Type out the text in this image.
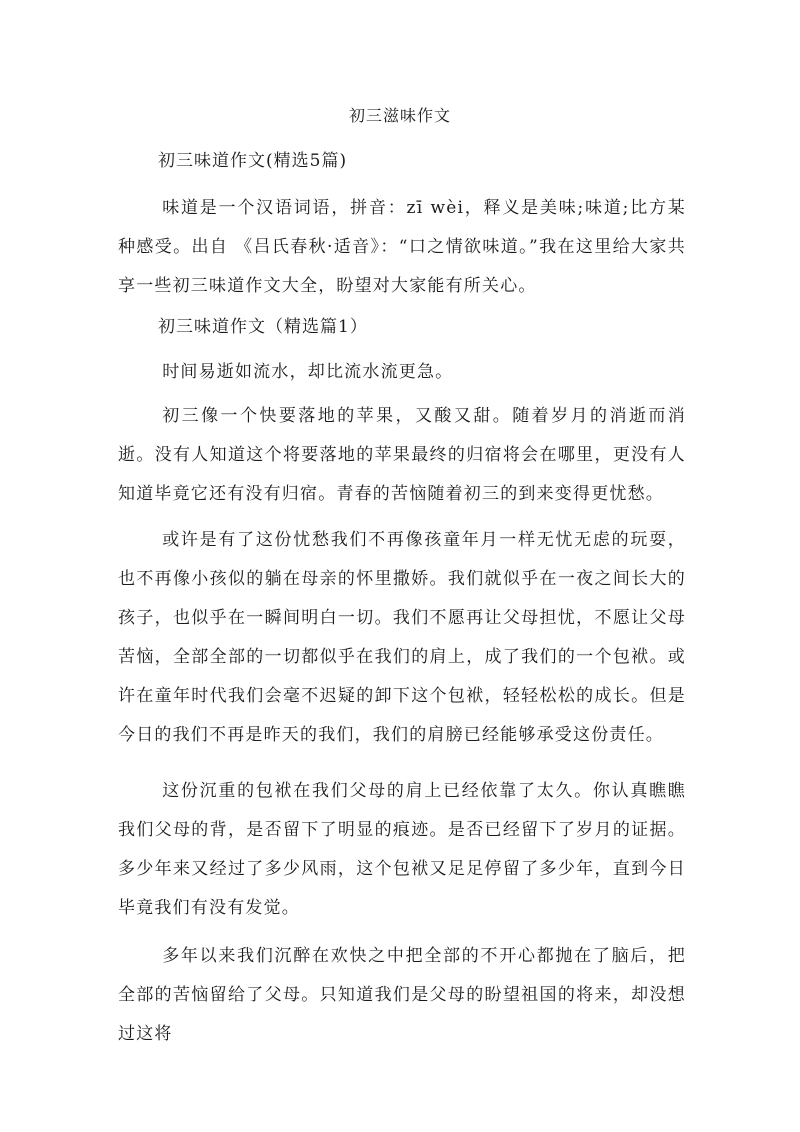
初三滋味作文
初三味道作文(精选5篇)
味道是一个汉语词语，拼音：zī wèi，释义是美味;味道;比方某种感受。出自 《吕氏春秋·适音》：“口之情欲味道。”我在这里给大家共享一些初三味道作文大全，盼望对大家能有所关心。
初三味道作文（精选篇1）
时间易逝如流水，却比流水流更急。
初三像一个快要落地的苹果，又酸又甜。随着岁月的消逝而消逝。没有人知道这个将要落地的苹果最终的归宿将会在哪里，更没有人知道毕竟它还有没有归宿。青春的苦恼随着初三的到来变得更忧愁。
或许是有了这份忧愁我们不再像孩童年月一样无忧无虑的玩耍，也不再像小孩似的躺在母亲的怀里撒娇。我们就似乎在一夜之间长大的孩子，也似乎在一瞬间明白一切。我们不愿再让父母担忧，不愿让父母苦恼，全部全部的一切都似乎在我们的肩上，成了我们的一个包袱。或许在童年时代我们会毫不迟疑的卸下这个包袱，轻轻松松的成长。但是今日的我们不再是昨天的我们，我们的肩膀已经能够承受这份责任。
这份沉重的包袱在我们父母的肩上已经依靠了太久。你认真瞧瞧我们父母的背，是否留下了明显的痕迹。是否已经留下了岁月的证据。多少年来又经过了多少风雨，这个包袱又足足停留了多少年，直到今日毕竟我们有没有发觉。
多年以来我们沉醉在欢快之中把全部的不开心都抛在了脑后，把全部的苦恼留给了父母。只知道我们是父母的盼望祖国的将来，却没想过这将
